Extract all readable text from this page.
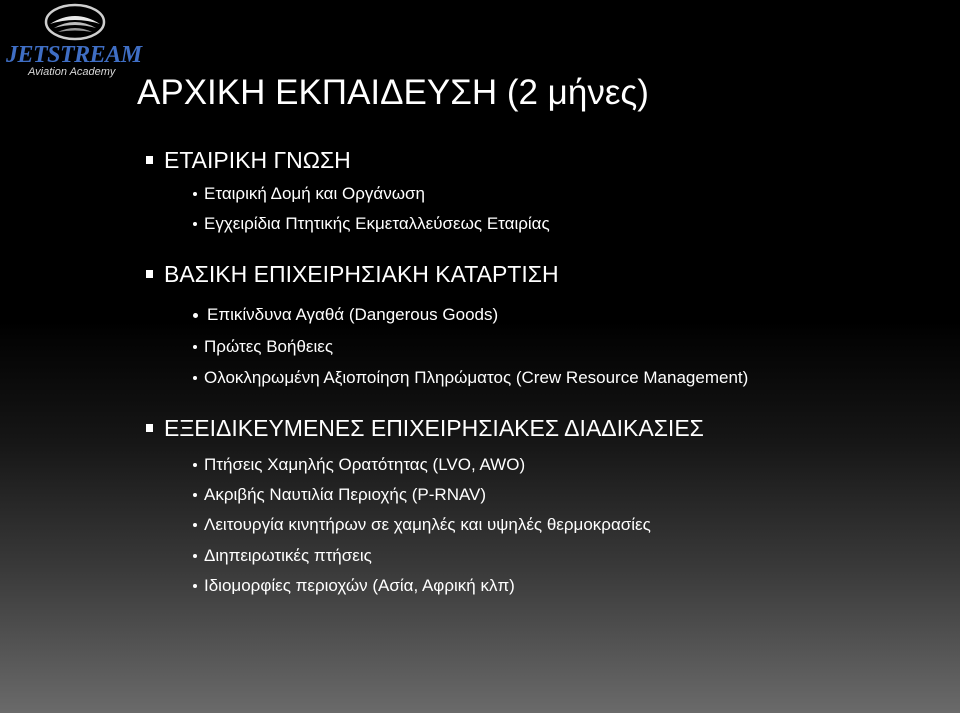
JETSTREAM
Aviation Academy
ΑΡΧΙΚΗ ΕΚΠΑΙΔΕΥΣΗ (2 μήνες)
ΕΤΑΙΡΙΚΗ ΓΝΩΣΗ
Εταιρική Δομή και Οργάνωση
Εγχειρίδια Πτητικής Εκμεταλλεύσεως Εταιρίας
ΒΑΣΙΚΗ ΕΠΙΧΕΙΡΗΣΙΑΚΗ ΚΑΤΑΡΤΙΣΗ
Επικίνδυνα Αγαθά (Dangerous Goods)
Πρώτες Βοήθειες
Ολοκληρωμένη Αξιοποίηση Πληρώματος (Crew Resource Management)
ΕΞΕΙΔΙΚΕΥΜΕΝΕΣ ΕΠΙΧΕΙΡΗΣΙΑΚΕΣ ΔΙΑΔΙΚΑΣΙΕΣ
Πτήσεις Χαμηλής Ορατότητας (LVO, AWO)
Ακριβής Ναυτιλία Περιοχής (P-RNAV)
Λειτουργία κινητήρων σε χαμηλές και υψηλές θερμοκρασίες
Διηπειρωτικές πτήσεις
Ιδιομορφίες περιοχών (Ασία, Αφρική κλπ)
